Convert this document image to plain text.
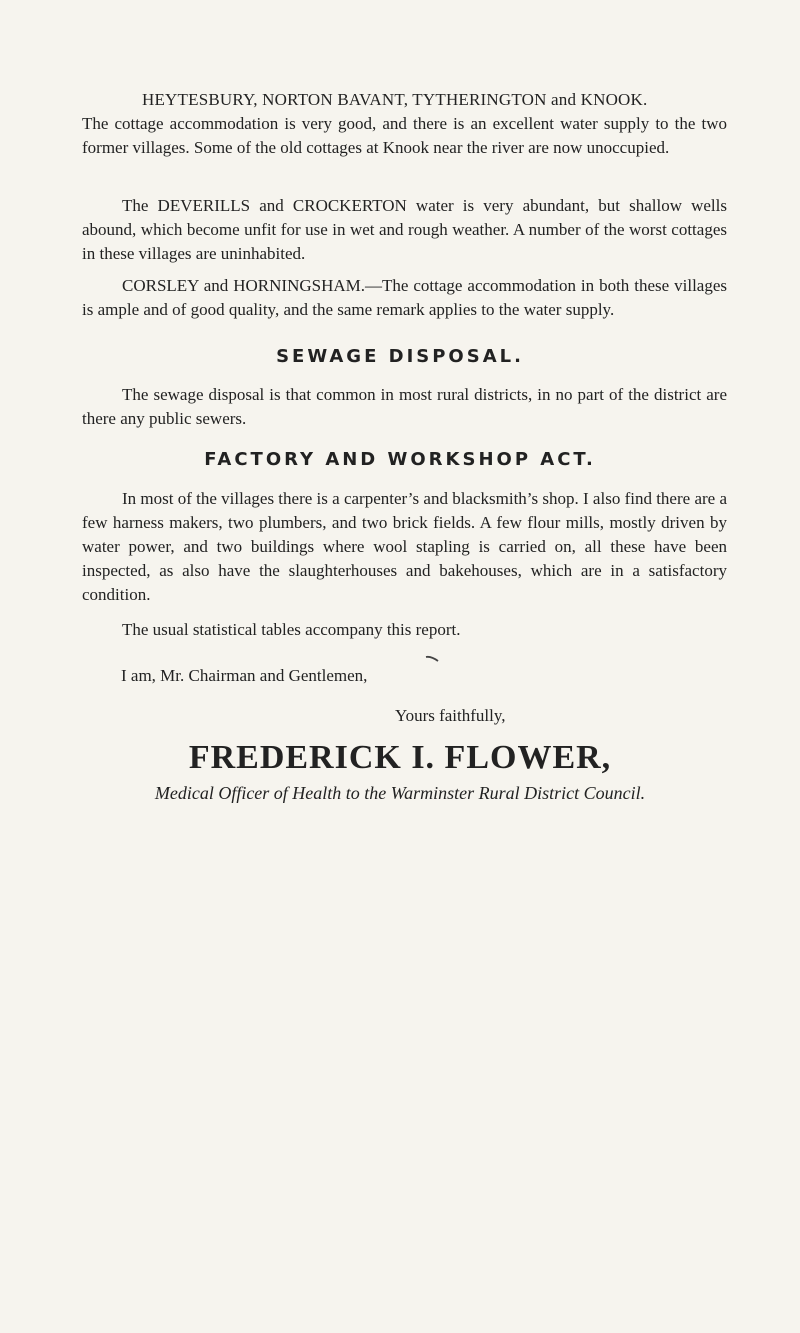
HEYTESBURY, NORTON BAVANT, TYTHERINGTON and KNOOK.
The cottage accommodation is very good, and there is an excellent water supply to the two former villages. Some of the old cottages at Knook near the river are now unoccupied.
The DEVERILLS and CROCKERTON water is very abundant, but shallow wells abound, which become unfit for use in wet and rough weather. A number of the worst cottages in these villages are uninhabited.
CORSLEY and HORNINGSHAM.—The cottage accommodation in both these villages is ample and of good quality, and the same remark applies to the water supply.
SEWAGE DISPOSAL.
The sewage disposal is that common in most rural districts, in no part of the district are there any public sewers.
FACTORY AND WORKSHOP ACT.
In most of the villages there is a carpenter’s and blacksmith’s shop. I also find there are a few harness makers, two plumbers, and two brick fields. A few flour mills, mostly driven by water power, and two buildings where wool stapling is carried on, all these have been inspected, as also have the slaughterhouses and bakehouses, which are in a satisfactory condition.
The usual statistical tables accompany this report.
I am, Mr. Chairman and Gentlemen,
Yours faithfully,
FREDERICK I. FLOWER,
Medical Officer of Health to the Warminster Rural District Council.
